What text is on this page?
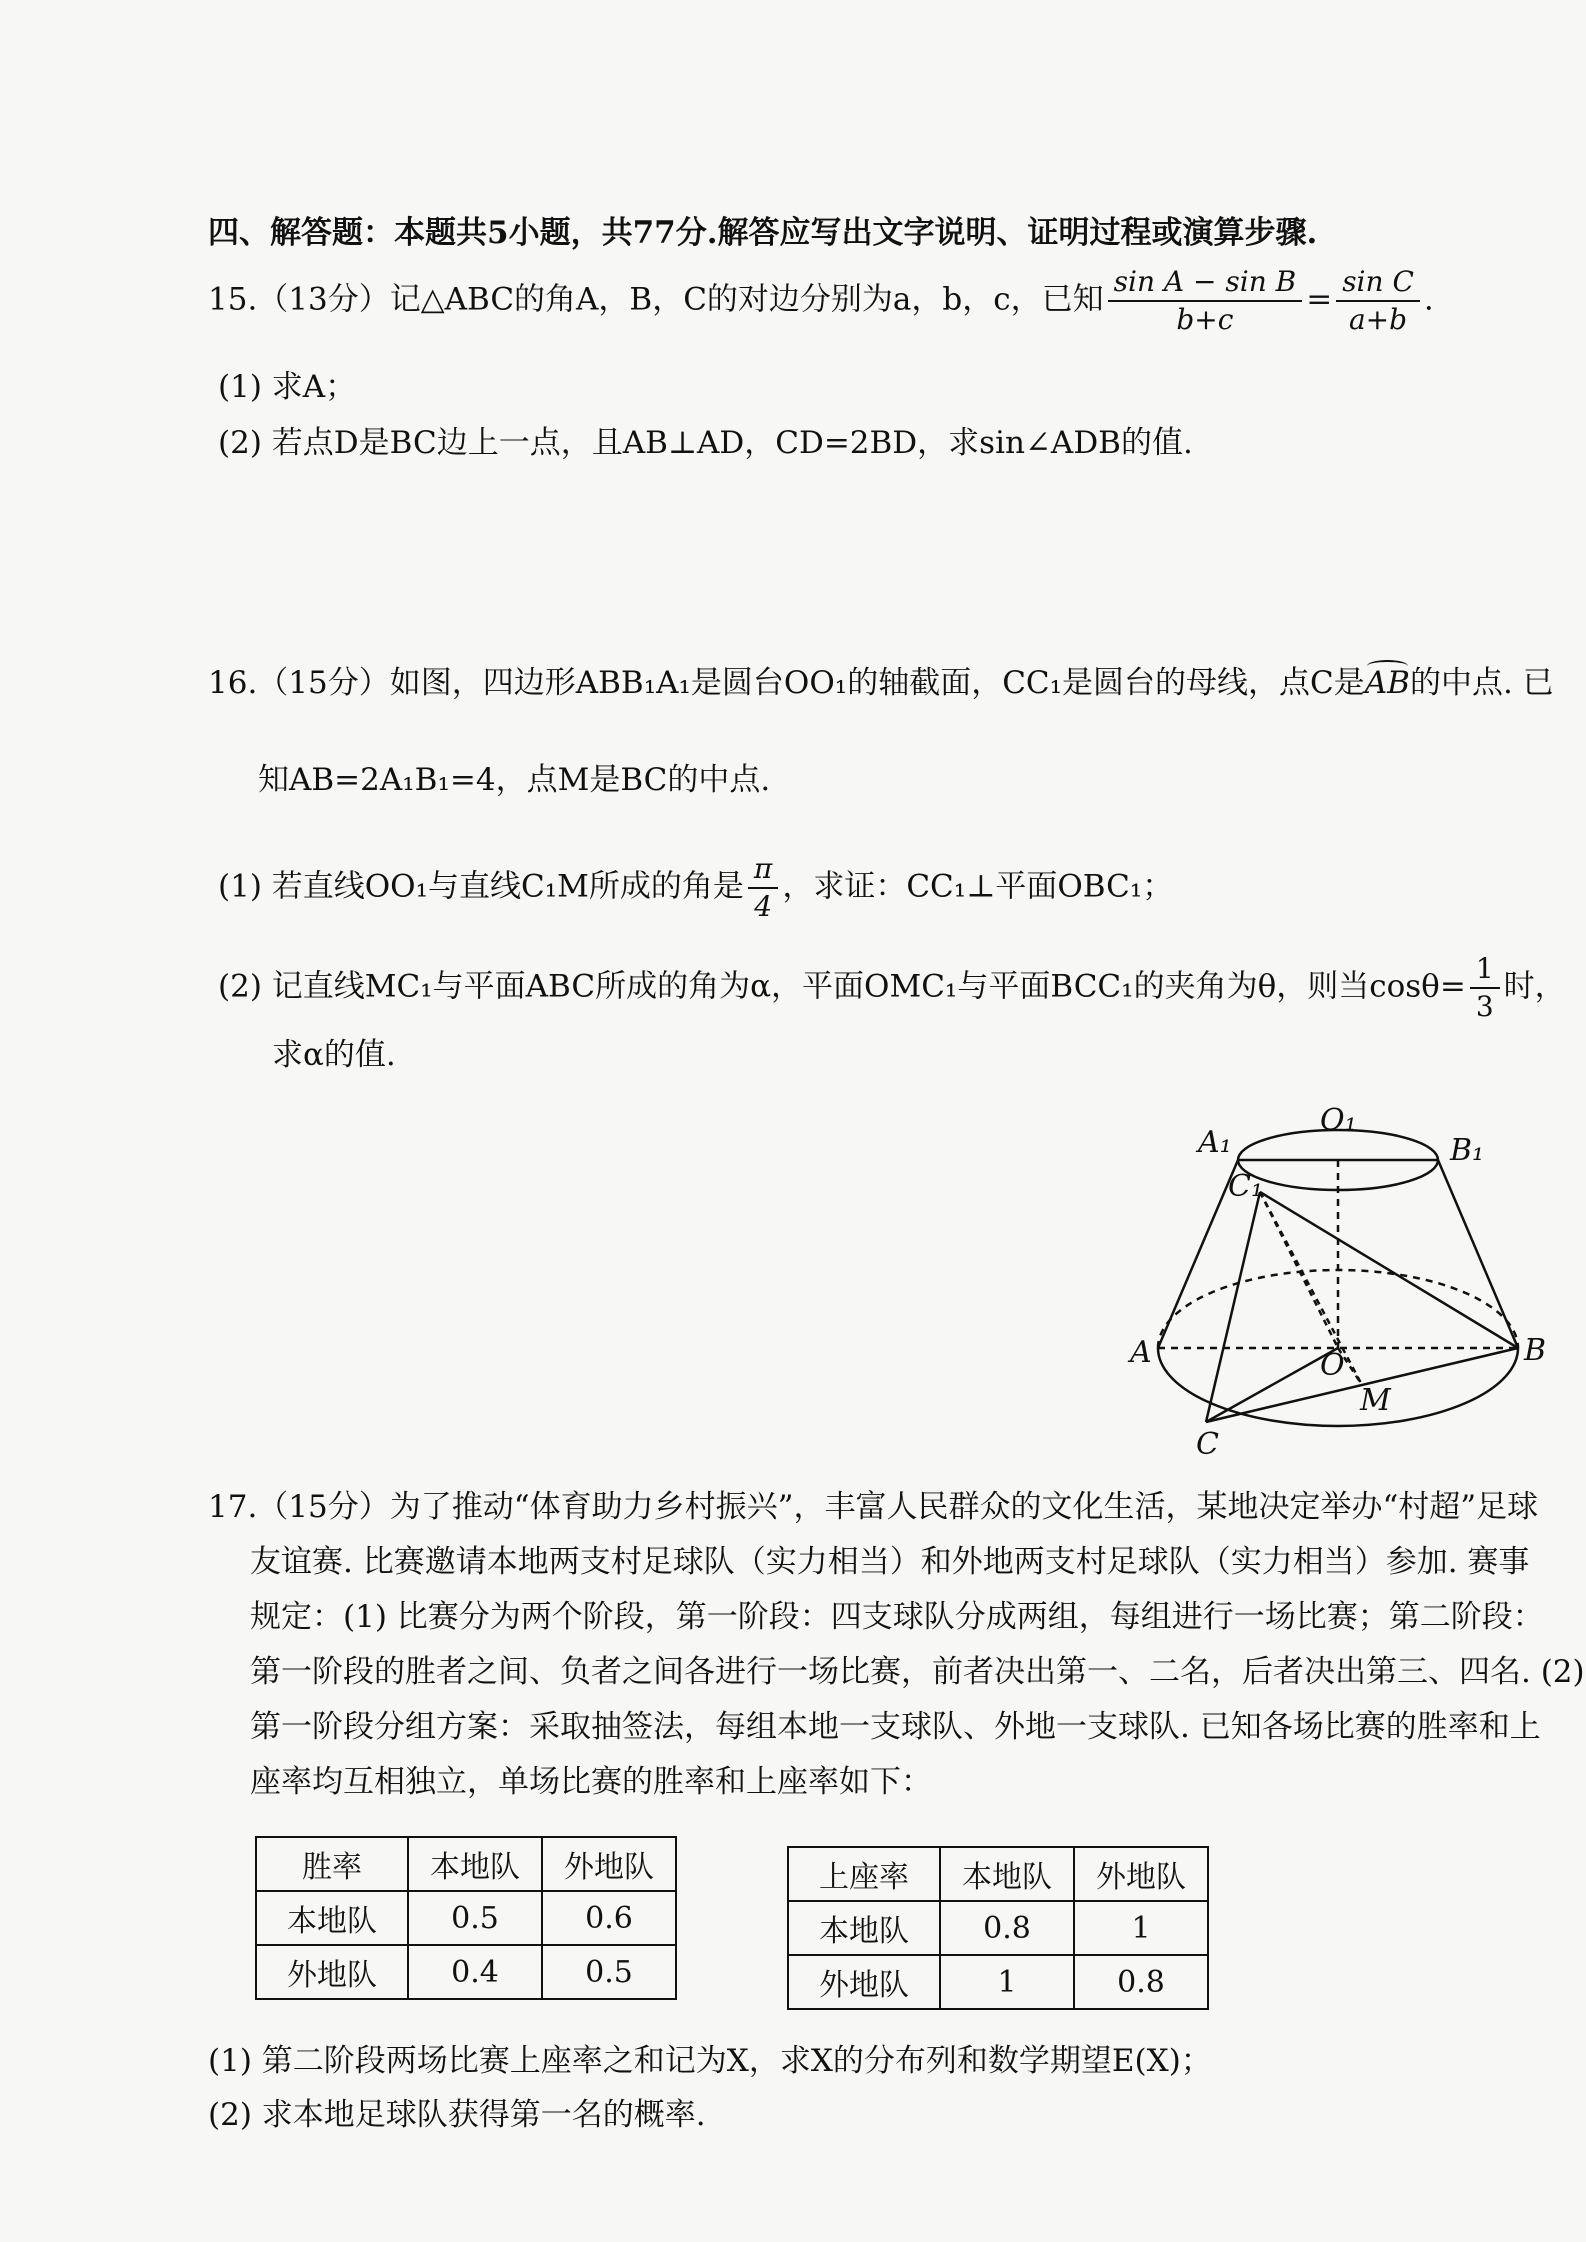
四、解答题：本题共5小题，共77分.解答应写出文字说明、证明过程或演算步骤.
15.（13分）记△ABC的角A，B，C的对边分别为a，b，c，已知 $\frac{\text{sin A − sin B}}{b+c} = \frac{\text{sin C}}{a+b}$ .
(1) 求A；
(2) 若点D是BC边上一点，且AB⊥AD，CD=2BD，求sin∠ADB的值.
16.（15分）如图，四边形ABB₁A₁是圆台OO₁的轴截面，CC₁是圆台的母线，点C是AB的中点. 已
知AB=2A₁B₁=4，点M是BC的中点.
(1) 若直线OO₁与直线C₁M所成的角是 $\frac{\pi}{4}$ ，求证：CC₁⊥平面OBC₁；
(2) 记直线MC₁与平面ABC所成的角为α，平面OMC₁与平面BCC₁的夹角为θ，则当$\cos\theta= \frac{1}{3}$ 时，
求α的值.
A₁
O₁
B₁
C₁
A	O	B
M
C
17.（15分）为了推动“体育助力乡村振兴”，丰富人民群众的文化生活，某地决定举办“村超”足球
友谊赛. 比赛邀请本地两支村足球队（实力相当）和外地两支村足球队（实力相当）参加. 赛事
规定：(1) 比赛分为两个阶段，第一阶段：四支球队分成两组，每组进行一场比赛；第二阶段：
第一阶段的胜者之间、负者之间各进行一场比赛，前者决出第一、二名，后者决出第三、四名. (2)
第一阶段分组方案：采取抽签法，每组本地一支球队、外地一支球队. 已知各场比赛的胜率和上
座率均互相独立，单场比赛的胜率和上座率如下：
胜率	本地队	外地队
本地队	0.5	0.6
外地队	0.4	0.5
上座率	本地队	外地队
本地队	0.8	1
外地队	1	0.8
(1) 第二阶段两场比赛上座率之和记为X，求X的分布列和数学期望E(X)；
(2) 求本地足球队获得第一名的概率.
